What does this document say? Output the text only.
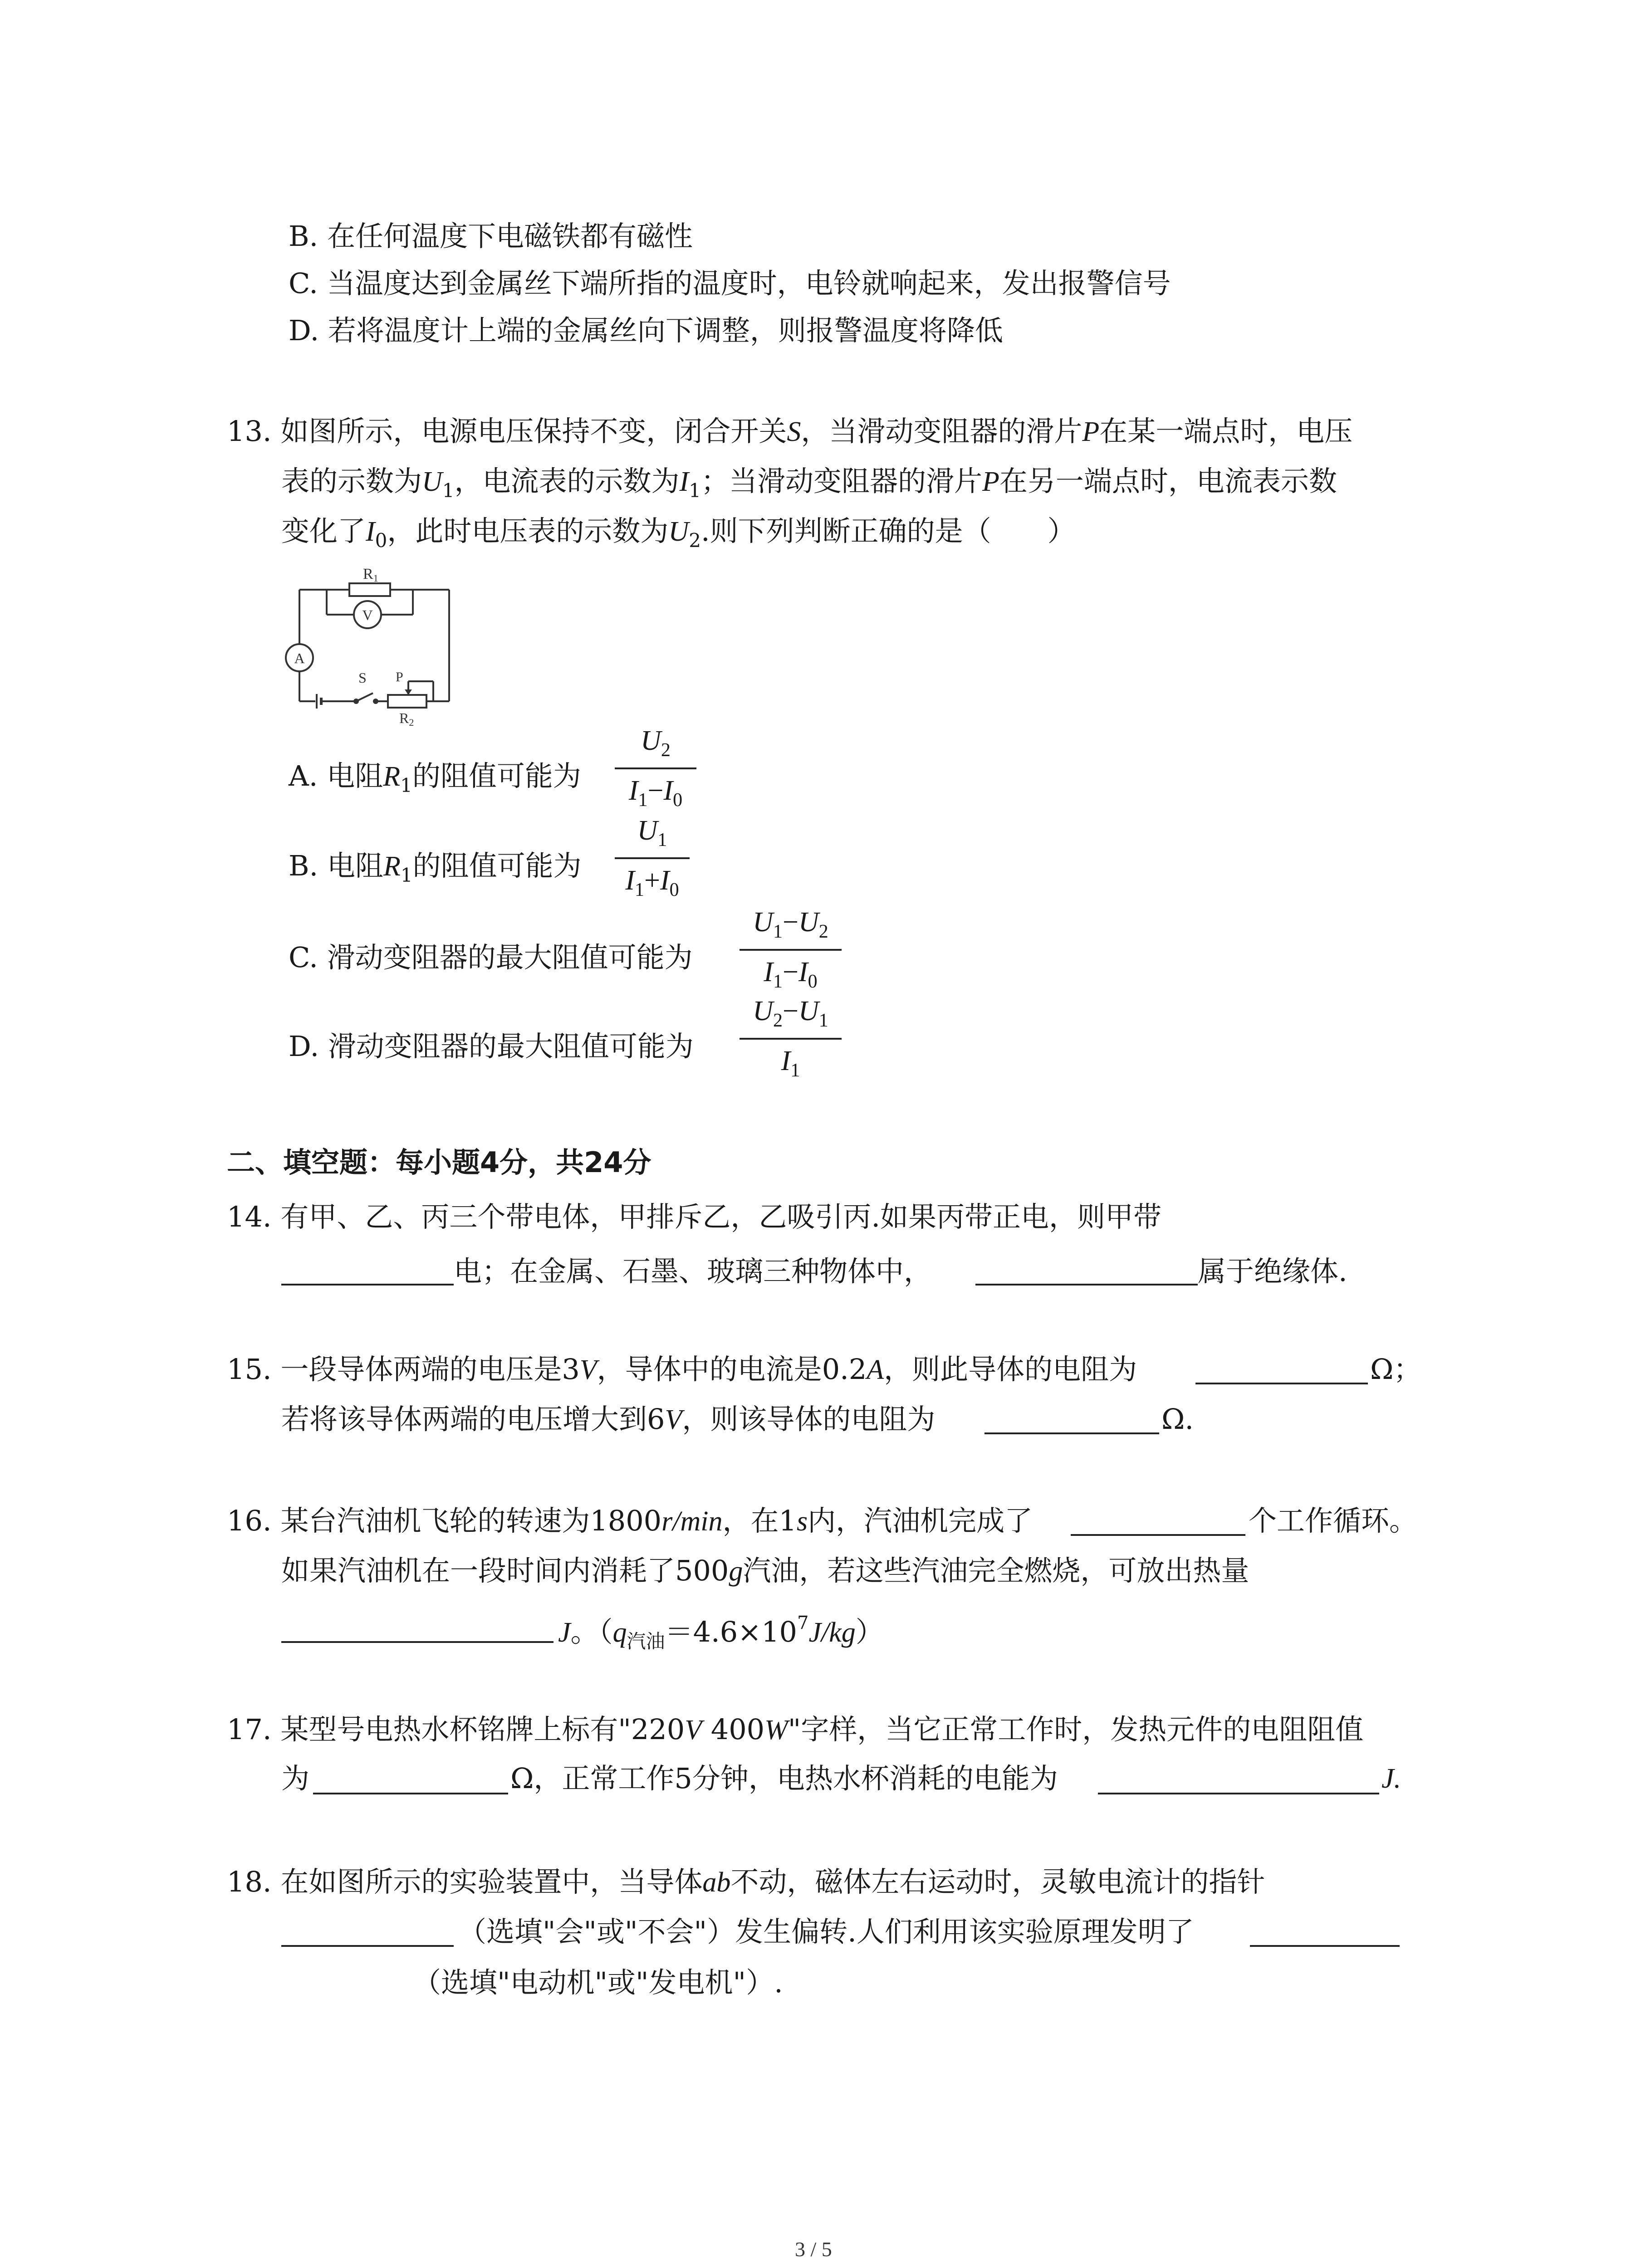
B. 在任何温度下电磁铁都有磁性
C. 当温度达到金属丝下端所指的温度时，电铃就响起来，发出报警信号
D. 若将温度计上端的金属丝向下调整，则报警温度将降低
13. 如图所示，电源电压保持不变，闭合开关S，当滑动变阻器的滑片P在某一端点时，电压
表的示数为$U_1$，电流表的示数为$I_1$；当滑动变阻器的滑片P在另一端点时，电流表示数
变化了$I_0$，此时电压表的示数为$U_2$.则下列判断正确的是（　　）
R1
V
A
S P
R2
A. 电阻$R_1$的阻值可能为
$U_2$
$I_1-I_0$
B. 电阻$R_1$的阻值可能为
$U_1$
$I_1+I_0$
C. 滑动变阻器的最大阻值可能为
$U_1-U_2$
$I_1-I_0$
D. 滑动变阻器的最大阻值可能为
$U_2-U_1$
$I_1$
二、填空题：每小题4分，共24分
14. 有甲、乙、丙三个带电体，甲排斥乙，乙吸引丙.如果丙带正电，则甲带
电；在金属、石墨、玻璃三种物体中，	属于绝缘体.
15. 一段导体两端的电压是3V，导体中的电流是0.2A，则此导体的电阻为	Ω；
若将该导体两端的电压增大到6V，则该导体的电阻为	Ω.
16. 某台汽油机飞轮的转速为1800r/min，在1s内，汽油机完成了	个工作循环。
如果汽油机在一段时间内消耗了500g汽油，若这些汽油完全燃烧，可放出热量
J。$(q_{汽油}=4.6\times 10^7J/kg)$
17. 某型号电热水杯铭牌上标有"220V 400W"字样，当它正常工作时，发热元件的电阻阻值
为	Ω，正常工作5分钟，电热水杯消耗的电能为	J.
18. 在如图所示的实验装置中，当导体ab不动，磁体左右运动时，灵敏电流计的指针
（选填"会"或"不会"）发生偏转.人们利用该实验原理发明了
（选填"电动机"或"发电机"）.
3 / 5
